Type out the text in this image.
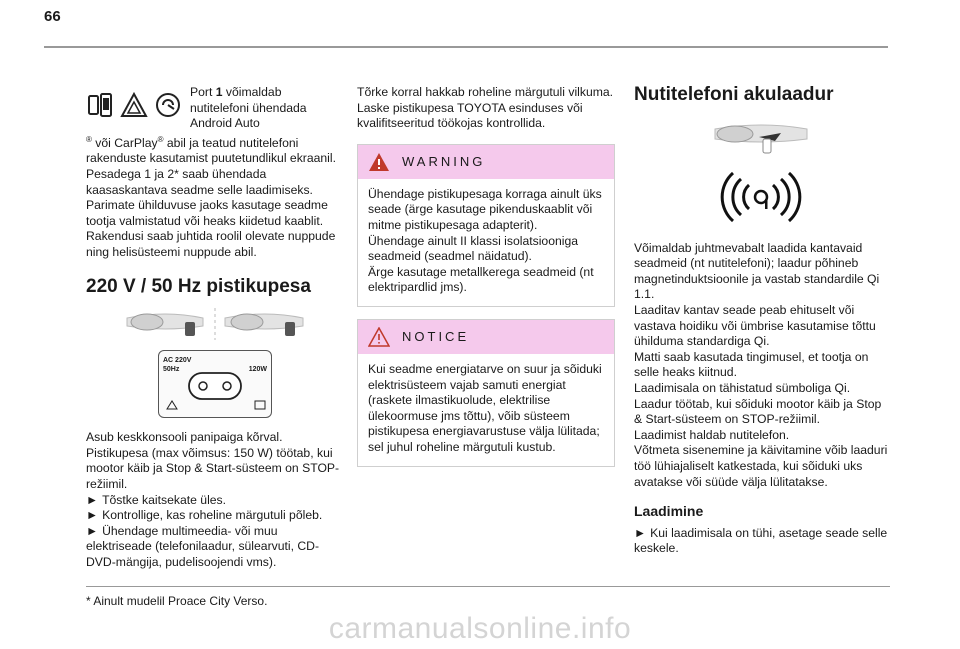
66

Port 1 võimaldab nutitelefoni ühendada Android Auto

® või CarPlay® abil ja teatud nutitelefoni rakenduste kasutamist puutetundlikul ekraanil.

Pesadega 1 ja 2* saab ühendada kaasaskantava seadme selle laadimiseks.

Parimate ühilduvuse jaoks kasutage seadme tootja valmistatud või heaks kiidetud kaablit.

Rakendusi saab juhtida roolil olevate nuppude ning helisüsteemi nuppude abil.

220 V / 50 Hz pistikupesa
AC 220V
50Hz	120W

Asub keskkonsooli panipaiga kõrval.

Pistikupesa (max võimsus: 150 W) töötab, kui mootor käib ja Stop & Start-süsteem on STOP-režiimil.

► Tõstke kaitsekate üles.

► Kontrollige, kas roheline märgutuli põleb.

► Ühendage multimeedia- või muu elektriseade (telefonilaadur, sülearvuti, CD-DVD-mängija, pudelisoojendi vms).

Tõrke korral hakkab roheline märgutuli vilkuma. Laske pistikupesa TOYOTA esinduses või kvalifitseeritud töökojas kontrollida.

WARNING

Ühendage pistikupesaga korraga ainult üks seade (ärge kasutage pikenduskaablit või mitme pistikupesaga adapterit).

Ühendage ainult II klassi isolatsiooniga seadmeid (seadmel näidatud).

Ärge kasutage metallkerega seadmeid (nt elektripardlid jms).

NOTICE

Kui seadme energiatarve on suur ja sõiduki elektrisüsteem vajab samuti energiat (raskete ilmastikuolude, elektrilise ülekoormuse jms tõttu), võib süsteem pistikupesa energiavarustuse välja lülitada; sel juhul roheline märgutuli kustub.

Nutitelefoni akulaadur

Võimaldab juhtmevabalt laadida kantavaid seadmeid (nt nutitelefoni); laadur põhineb magnetinduktsioonile ja vastab standardile Qi 1.1.

Laaditav kantav seade peab ehituselt või vastava hoidiku või ümbrise kasutamise tõttu ühilduma standardiga Qi.

Matti saab kasutada tingimusel, et tootja on selle heaks kiitnud.

Laadimisala on tähistatud sümboliga Qi.

Laadur töötab, kui sõiduki mootor käib ja Stop & Start-süsteem on STOP-režiimil.

Laadimist haldab nutitelefon.

Võtmeta sisenemine ja käivitamine võib laaduri töö lühiajaliselt katkestada, kui sõiduki uks avatakse või süüde välja lülitatakse.

Laadimine

► Kui laadimisala on tühi, asetage seade selle keskele.

* Ainult mudelil Proace City Verso.
carmanualsonline.info
